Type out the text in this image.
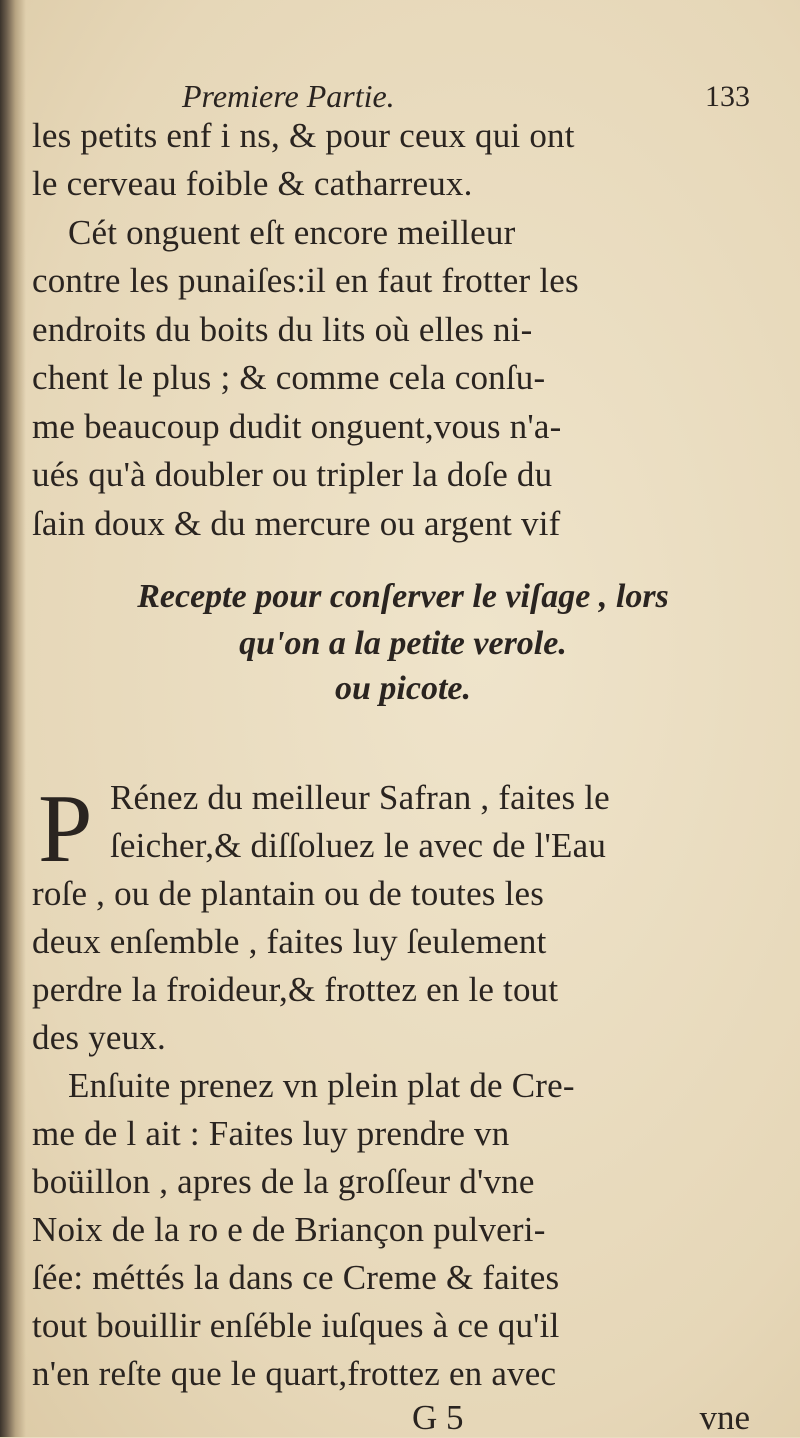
Premiere Partie.	133
les petits enf i ns, & pour ceux qui ont
le cerveau foible & catharreux.
Cét onguent eſt encore meilleur
contre les punaiſes:il en faut frotter les
endroits du boits du lits où elles ni-
chent le plus ; & comme cela conſu-
me beaucoup dudit onguent,vous n'a-
ués qu'à doubler ou tripler la doſe du
ſain doux & du mercure ou argent vif
Recepte pour conſerver le viſage , lors
qu'on a la petite verole.
ou picote.
P Rénez du meilleur Safran , faites le
ſeicher,& diſſoluez le avec de l'Eau
roſe , ou de plantain ou de toutes les
deux enſemble , faites luy ſeulement
perdre la froideur,& frottez en le tout
des yeux.
Enſuite prenez vn plein plat de Cre-
me de l ait : Faites luy prendre vn
boüillon , apres de la groſſeur d'vne
Noix de la ro e de Briançon pulveri-
ſée: méttés la dans ce Creme & faites
tout bouillir enſéble iuſques à ce qu'il
n'en reſte que le quart,frottez en avec
G 5	vne
